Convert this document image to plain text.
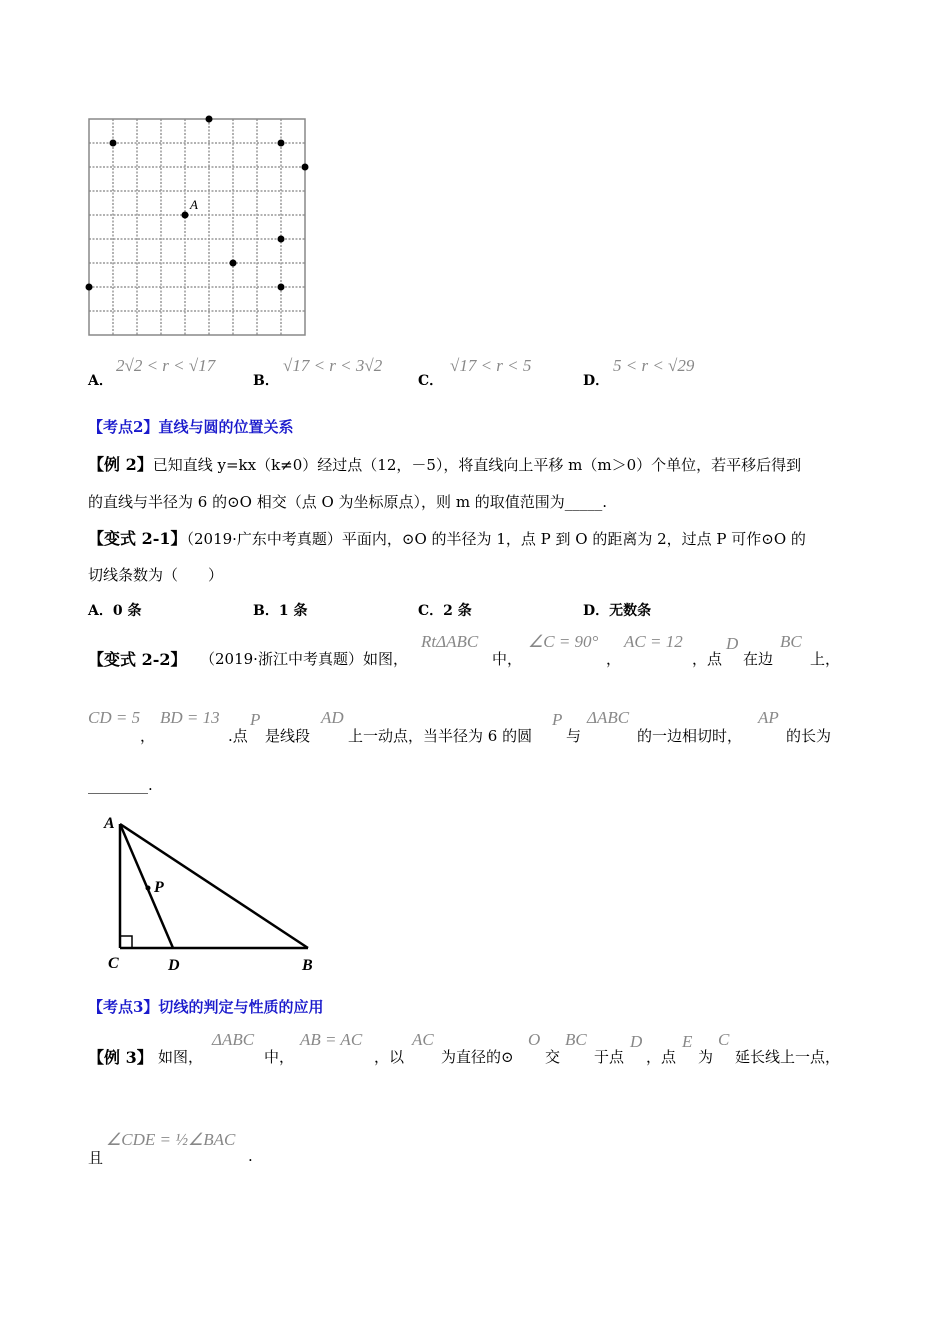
A
A．
2√2 < r < √17
B．
√17 < r < 3√2
C．
√17 < r < 5
D．
5 < r < √29
【考点2】直线与圆的位置关系
【例 2】已知直线 y=kx（k≠0）经过点（12，－5），将直线向上平移 m（m＞0）个单位，若平移后得到
的直线与半径为 6 的⊙O 相交（点 O 为坐标原点），则 m 的取值范围为_____.
【变式 2-1】（2019·广东中考真题）平面内，⊙O 的半径为 1，点 P 到 O 的距离为 2，过点 P 可作⊙O 的
切线条数为（　　）
A．0 条	B．1 条	C．2 条	D．无数条
【变式 2-2】 （2019·浙江中考真题）如图，
RtΔABC
中，
∠C = 90°
，
AC = 12
，点
D
在边
BC
上，
CD = 5
，
BD = 13
.点
P
是线段
AD
上一动点，当半径为 6 的圆
P
与
ΔABC
的一边相切时，
AP
的长为
________.
A
P
C	D	B
【考点3】切线的判定与性质的应用
【例 3】 如图，
ΔABC
中，
AB = AC
，以
AC
为直径的⊙
O
交
BC
于点
D
，点
E
为
C
延长线上一点，
且
∠CDE = ½∠BAC
.
